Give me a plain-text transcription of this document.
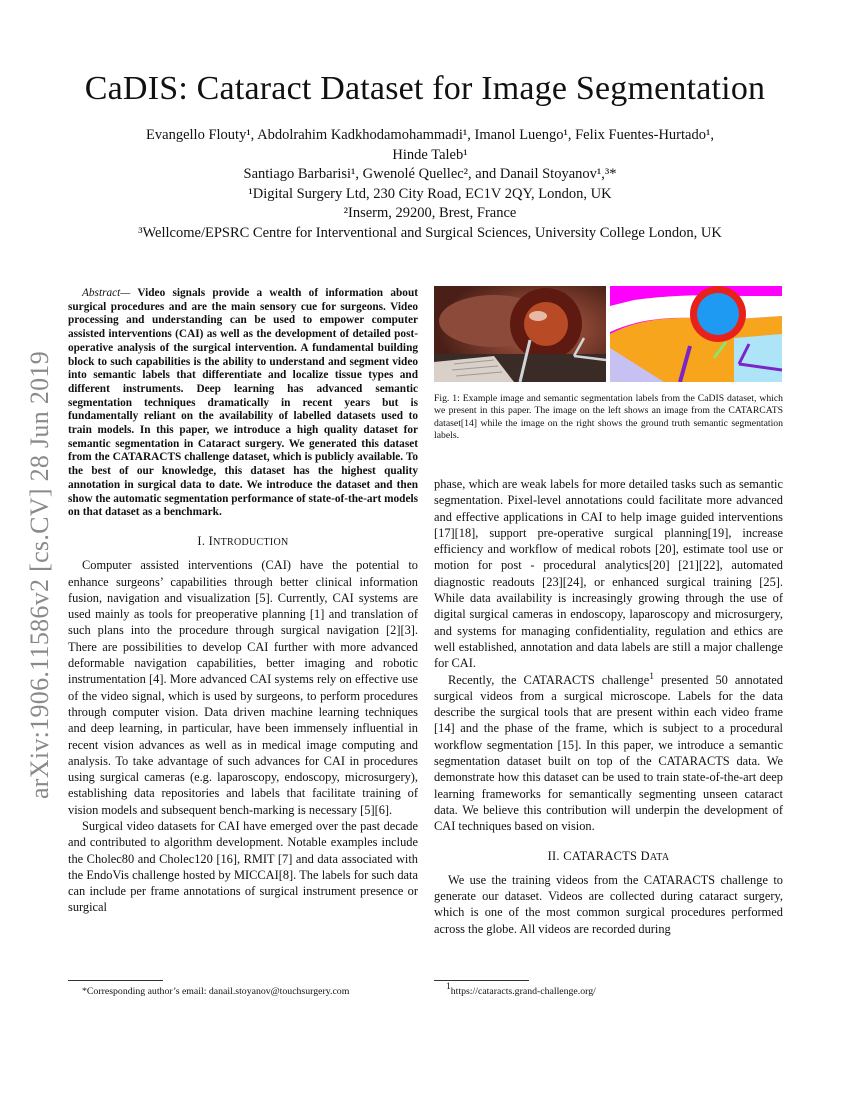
CaDIS: Cataract Dataset for Image Segmentation
Evangello Flouty¹, Abdolrahim Kadkhodamohammadi¹, Imanol Luengo¹, Felix Fuentes-Hurtado¹,
Hinde Taleb¹
Santiago Barbarisi¹, Gwenolé Quellec², and Danail Stoyanov¹,³*
¹Digital Surgery Ltd, 230 City Road, EC1V 2QY, London, UK
²Inserm, 29200, Brest, France
³Wellcome/EPSRC Centre for Interventional and Surgical Sciences, University College London, UK
arXiv:1906.11586v2 [cs.CV] 28 Jun 2019

Abstract— Video signals provide a wealth of information about surgical procedures and are the main sensory cue for surgeons. Video processing and understanding can be used to empower computer assisted interventions (CAI) as well as the development of detailed post-operative analysis of the surgical intervention. A fundamental building block to such capabilities is the ability to understand and segment video into semantic labels that differentiate and localize tissue types and different instruments. Deep learning has advanced semantic segmentation techniques dramatically in recent years but is fundamentally reliant on the availability of labelled datasets used to train models. In this paper, we introduce a high quality dataset for semantic segmentation in Cataract surgery. We generated this dataset from the CATARACTS challenge dataset, which is publicly available. To the best of our knowledge, this dataset has the highest quality annotation in surgical data to date. We introduce the dataset and then show the automatic segmentation performance of state-of-the-art models on that dataset as a benchmark.

I. INTRODUCTION

Computer assisted interventions (CAI) have the potential to enhance surgeons’ capabilities through better clinical information fusion, navigation and visualization [5]. Currently, CAI systems are used mainly as tools for preoperative planning [1] and translation of such plans into the procedure through surgical navigation [2][3]. There are possibilities to develop CAI further with more advanced deformable navigation capabilities, better imaging and robotic instrumentation [4]. More advanced CAI systems rely on effective use of the video signal, which is used by surgeons, to perform procedures through computer vision. Data driven machine learning techniques and deep learning, in particular, have been immensely influential in recent vision advances as well as in medical image computing and analysis. To take advantage of such advances for CAI in procedures using surgical cameras (e.g. laparoscopy, endoscopy, microsurgery), establishing data repositories and labels that facilitate training of vision models and subsequent bench-marking is necessary [5][6].

Surgical video datasets for CAI have emerged over the past decade and contributed to algorithm development. Notable examples include the Cholec80 and Cholec120 [16], RMIT [7] and data associated with the EndoVis challenge hosted by MICCAI[8]. The labels for such data can include per frame annotations of surgical instrument presence or surgical

Fig. 1: Example image and semantic segmentation labels from the CaDIS dataset, which we present in this paper. The image on the left shows an image from the CATARCATS dataset[14] while the image on the right shows the ground truth semantic segmentation labels.

phase, which are weak labels for more detailed tasks such as semantic segmentation. Pixel-level annotations could facilitate more advanced and effective applications in CAI to help image guided interventions [17][18], support pre-operative surgical planning[19], increase efficiency and workflow of medical robots [20], estimate tool use or motion for post - procedural analytics[20] [21][22], automated diagnostic readouts [23][24], or enhanced surgical training [25]. While data availability is increasingly growing through the use of digital surgical cameras in endoscopy, laparoscopy and microsurgery, and systems for managing confidentiality, regulation and ethics are well established, annotation and data labels are still a major challenge for CAI.

Recently, the CATARACTS challenge$^1$ presented 50 annotated surgical videos from a surgical microscope. Labels for the data describe the surgical tools that are present within each video frame [14] and the phase of the frame, which is subject to a procedural workflow segmentation [15]. In this paper, we introduce a semantic segmentation dataset built on top of the CATARACTS data. We demonstrate how this dataset can be used to train state-of-the-art deep learning frameworks for semantically segmenting unseen cataract data. We believe this contribution will underpin the development of CAI techniques based on vision.

II. CATARACTS DATA

We use the training videos from the CATARACTS challenge to generate our dataset. Videos are collected during cataract surgery, which is one of the most common surgical procedures performed across the globe. All videos are recorded during

*Corresponding author’s email: danail.stoyanov@touchsurgery.com	$^1$https://cataracts.grand-challenge.org/
